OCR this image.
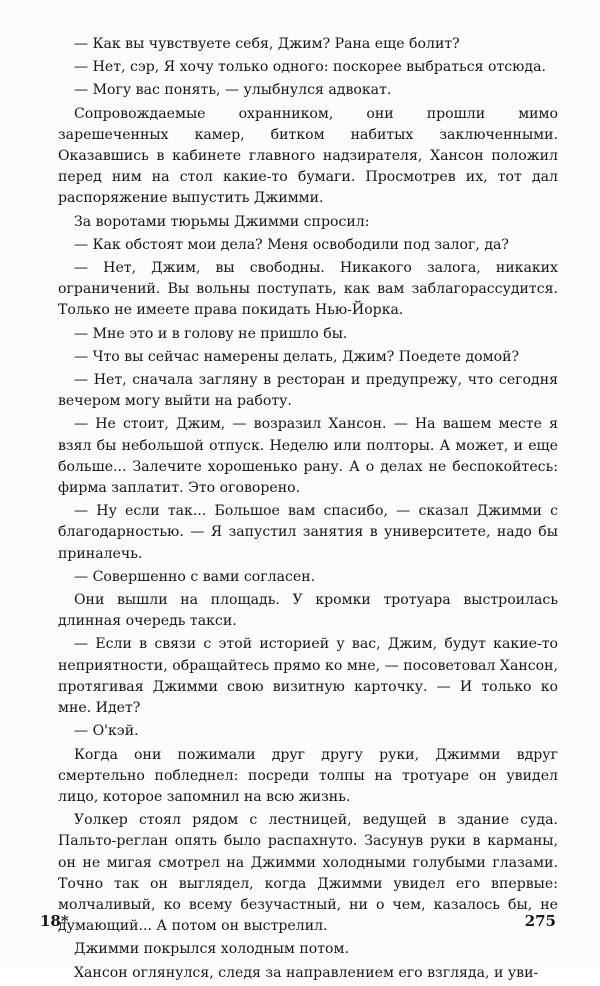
— Как вы чувствуете себя, Джим? Рана еще болит?

— Нет, сэр, Я хочу только одного: поскорее выбраться отсюда.

— Могу вас понять, — улыбнулся адвокат.

Сопровождаемые охранником, они прошли мимо зарешеченных камер, битком набитых заключенными. Оказавшись в кабинете главного надзирателя, Хансон положил перед ним на стол какие-то бумаги. Просмотрев их, тот дал распоряжение выпустить Джимми.

За воротами тюрьмы Джимми спросил:

— Как обстоят мои дела? Меня освободили под залог, да?

— Нет, Джим, вы свободны. Никакого залога, никаких ограничений. Вы вольны поступать, как вам заблагорассудится. Только не имеете права покидать Нью-Йорка.

— Мне это и в голову не пришло бы.

— Что вы сейчас намерены делать, Джим? Поедете домой?

— Нет, сначала загляну в ресторан и предупрежу, что сегодня вечером могу выйти на работу.

— Не стоит, Джим, — возразил Хансон. — На вашем месте я взял бы небольшой отпуск. Неделю или полторы. А может, и еще больше... Залечите хорошенько рану. А о делах не беспокойтесь: фирма заплатит. Это оговорено.

— Ну если так... Большое вам спасибо, — сказал Джимми с благодарностью. — Я запустил занятия в университете, надо бы приналечь.

— Совершенно с вами согласен.

Они вышли на площадь. У кромки тротуара выстроилась длинная очередь такси.

— Если в связи с этой историей у вас, Джим, будут какие-то неприятности, обращайтесь прямо ко мне, — посоветовал Хансон, протягивая Джимми свою визитную карточку. — И только ко мне. Идет?

— О'кэй.

Когда они пожимали друг другу руки, Джимми вдруг смертельно побледнел: посреди толпы на тротуаре он увидел лицо, которое запомнил на всю жизнь.

Уолкер стоял рядом с лестницей, ведущей в здание суда. Пальто-реглан опять было распахнуто. Засунув руки в карманы, он не мигая смотрел на Джимми холодными голубыми глазами. Точно так он выглядел, когда Джимми увидел его впервые: молчаливый, ко всему безучастный, ни о чем, казалось бы, не думающий... А потом он выстрелил.

Джимми покрылся холодным потом.

Хансон оглянулся, следя за направлением его взгляда, и уви-

18*	275
